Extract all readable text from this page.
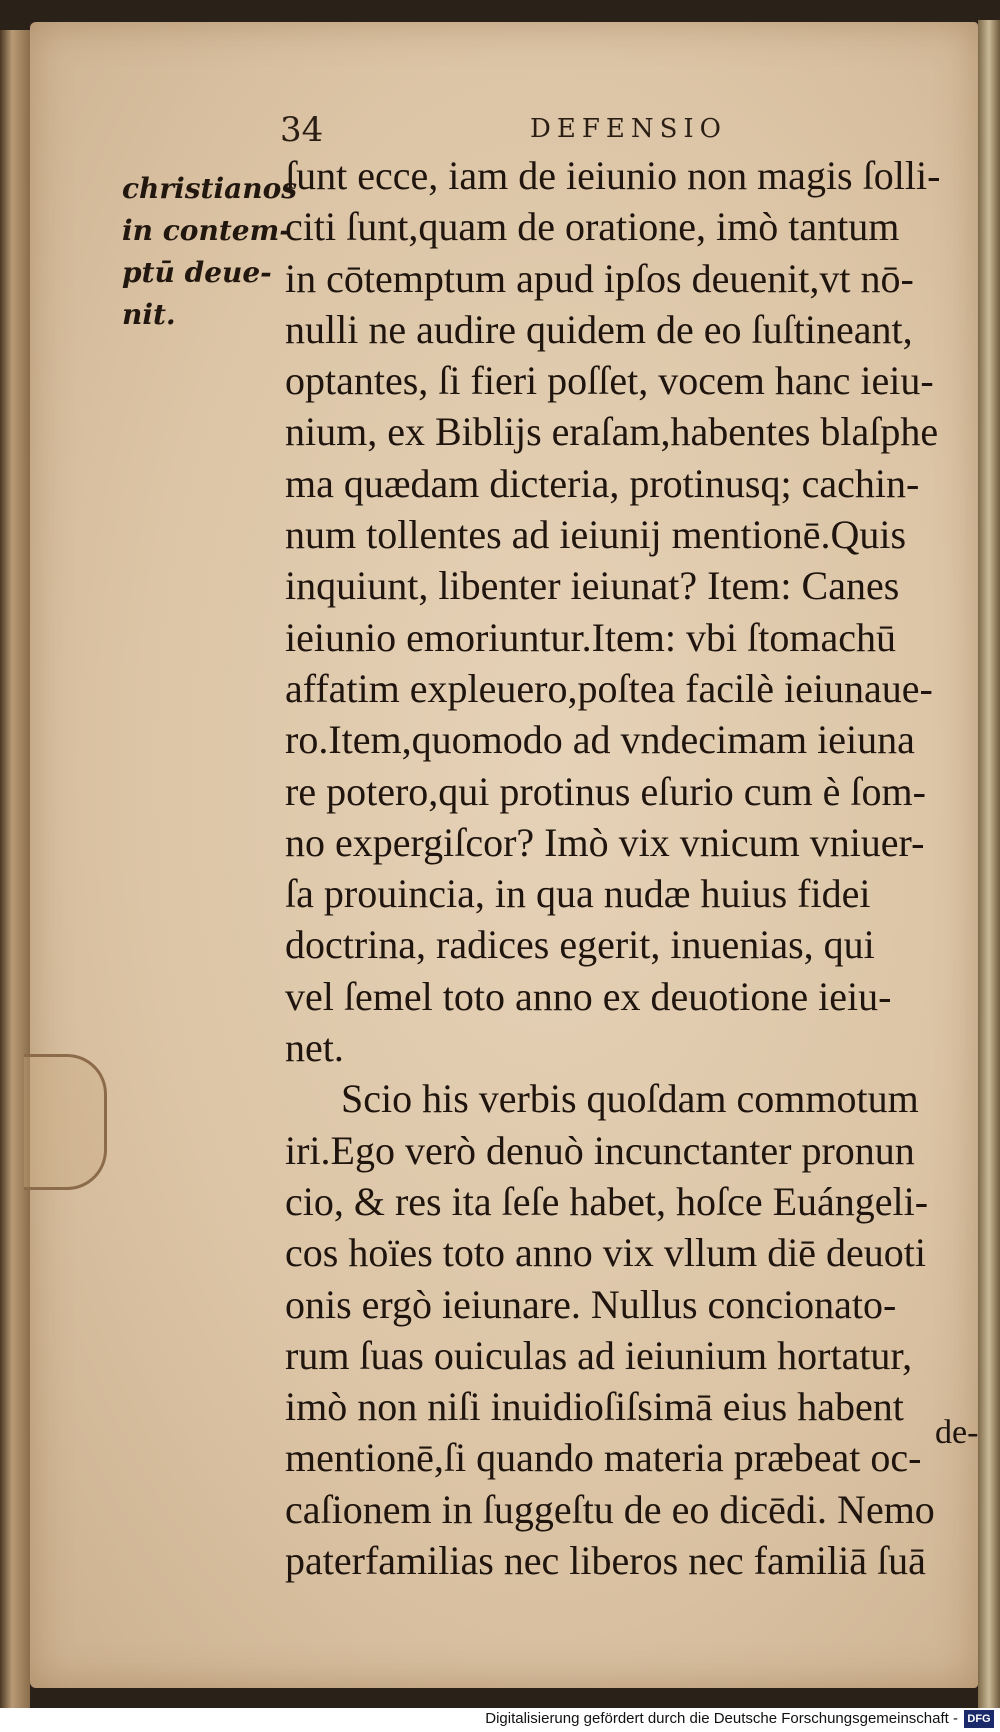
34	DEFENSIO
christianos
in contem-
ptū deue-
nit.
ſunt ecce, iam de ieiunio non magis ſolli-
citi ſunt,quam de oratione, imò tantum
in cōtemptum apud ipſos deuenit,vt nō-
nulli ne audire quidem de eo ſuſtineant,
optantes, ſi fieri poſſet, vocem hanc ieiu-
nium, ex Biblijs eraſam,habentes blaſphe
ma quædam dicteria, protinusq; cachin-
num tollentes ad ieiunij mentionē.Quis
inquiunt, libenter ieiunat? Item: Canes
ieiunio emoriuntur.Item: vbi ſtomachū
affatim expleuero,poſtea facilè ieiunaue-
ro.Item,quomodo ad vndecimam ieiuna
re potero,qui protinus eſurio cum è ſom-
no expergiſcor? Imò vix vnicum vniuer-
ſa prouincia, in qua nudæ huius fidei
doctrina, radices egerit, inuenias, qui
vel ſemel toto anno ex deuotione ieiu-
net.
Scio his verbis quoſdam commotum
iri.Ego verò denuò incunctanter pronun
cio, & res ita ſeſe habet, hoſce Euángeli-
cos hoïes toto anno vix vllum diē deuoti
onis ergò ieiunare. Nullus concionato-
rum ſuas ouiculas ad ieiunium hortatur,
imò non niſi inuidioſiſsimā eius habent
mentionē,ſi quando materia præbeat oc-
caſionem in ſuggeſtu de eo dicēdi. Nemo
paterfamilias nec liberos nec familiā ſuā
de-
Digitalisierung gefördert durch die Deutsche Forschungsgemeinschaft - DFG
